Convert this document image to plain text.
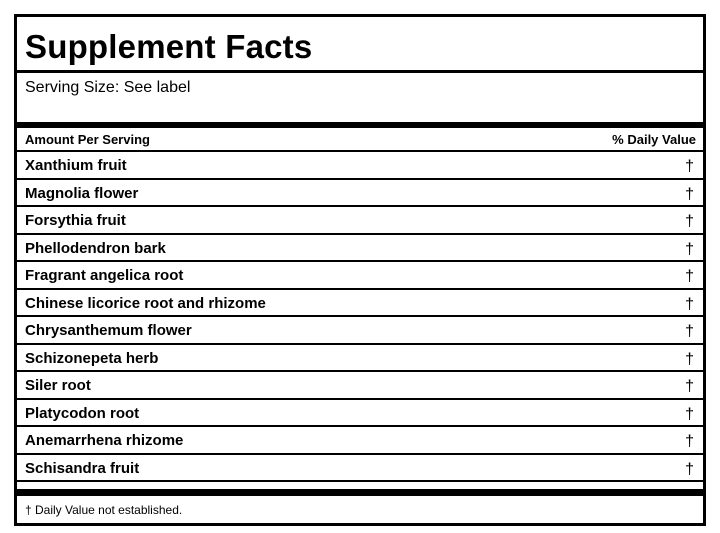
Supplement Facts
Serving Size: See label
Amount Per Serving	% Daily Value
Xanthium fruit	†
Magnolia flower	†
Forsythia fruit	†
Phellodendron bark	†
Fragrant angelica root	†
Chinese licorice root and rhizome	†
Chrysanthemum flower	†
Schizonepeta herb	†
Siler root	†
Platycodon root	†
Anemarrhena rhizome	†
Schisandra fruit	†
† Daily Value not established.
